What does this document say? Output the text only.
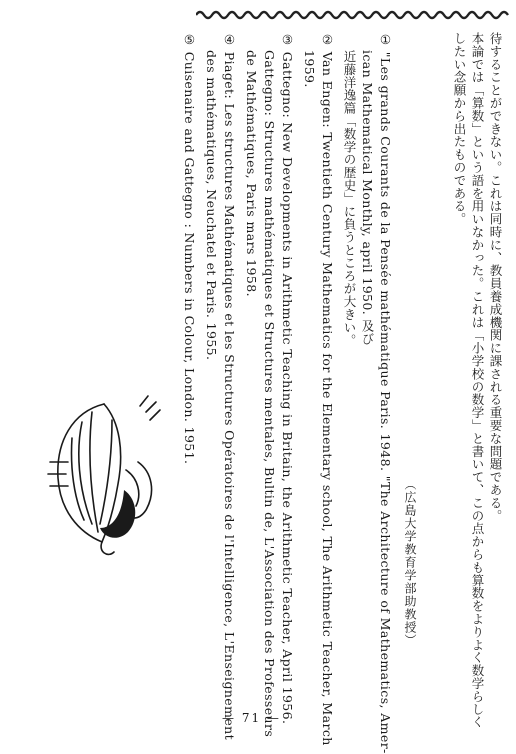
待することができない。これは同時に、教員養成機関に課される重要な問題である。
本論では「算数」という語を用いなかった。これは「小学校の数学」と書いて、この点からも算数をよりよく数学らしく
したい念願から出たものである。
（広島大学教育学部助教授）
① "Les grands Courants de la Pensée mathématique Paris. 1948. "The Architecture of Mathematics, Amer-
ican Mathematical Monthly, april 1950. 及び
近藤洋逸篇「数学の歴史」に負うところが大きい。
② Van Engen: Twentieth Century Mathematics for the Elementary school, The Arithmetic Teacher, March
1959.
③ Gattegno: New Developments in Arithmetic Teaching in Britain, the Arithmetic Teacher, April 1956.
Gattegno: Structures mathématiques et Structures mentales, Bultin de, L'Association des Professeurs
de Mathématiques, Paris mars 1958.
④ Piaget: Les structures Mathématiques et les Structures Opératoires de l'Intelligence, L'Enseignement
des mathématiques, Neuchatel et Paris. 1955.
⑤ Cuisenaire and Gattegno : Numbers in Colour, London. 1951.
— 71 —
